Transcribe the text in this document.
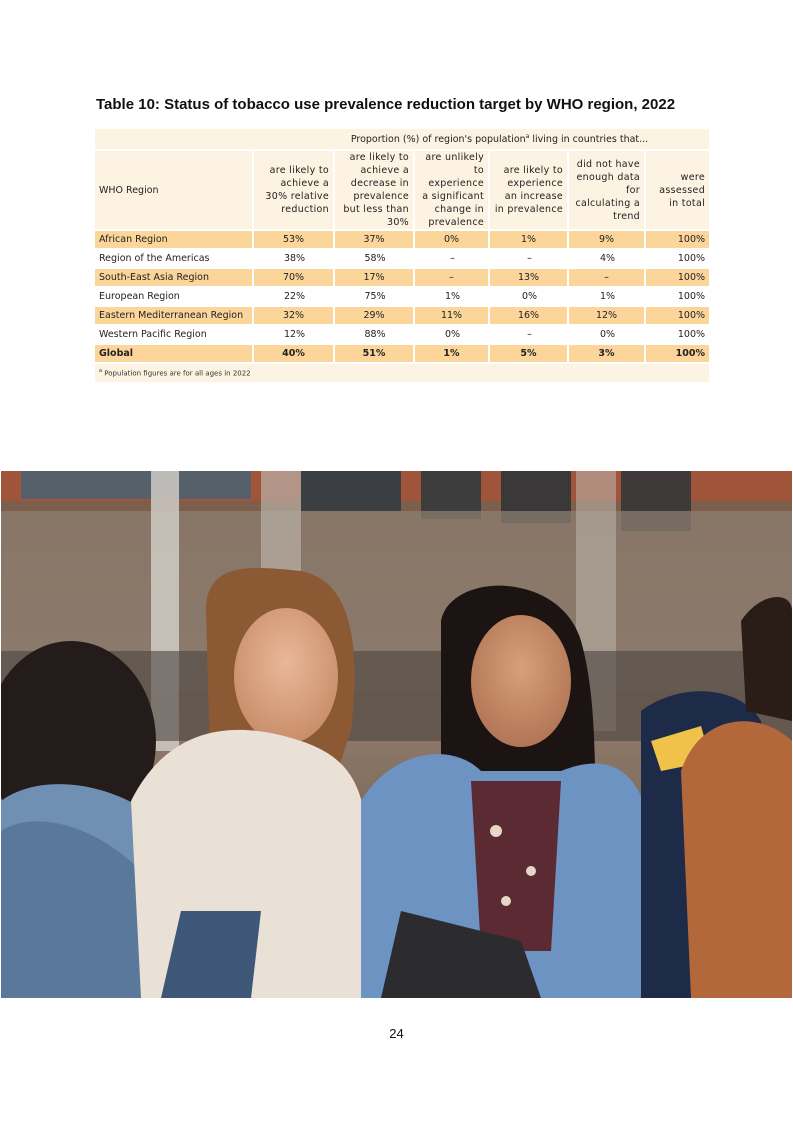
Table 10: Status of tobacco use prevalence reduction target by WHO region, 2022
	Proportion (%) of region's population$^a$ living in countries that...					
WHO Region	are likely to achieve a 30% relative reduction	are likely to achieve a decrease in prevalence but less than 30%	are unlikely to experience a significant change in prevalence	are likely to experience an increase in prevalence	did not have enough data for calculating a trend	were assessed in total
African Region	53%	37%	0%	1%	9%	100%
Region of the Americas	38%	58%	–	–	4%	100%
South-East Asia Region	70%	17%	–	13%	–	100%
European Region	22%	75%	1%	0%	1%	100%
Eastern Mediterranean Region	32%	29%	11%	16%	12%	100%
Western Pacific Region	12%	88%	0%	–	0%	100%
Global	40%	51%	1%	5%	3%	100%
$^a$ Population figures are for all ages in 2022						
24
